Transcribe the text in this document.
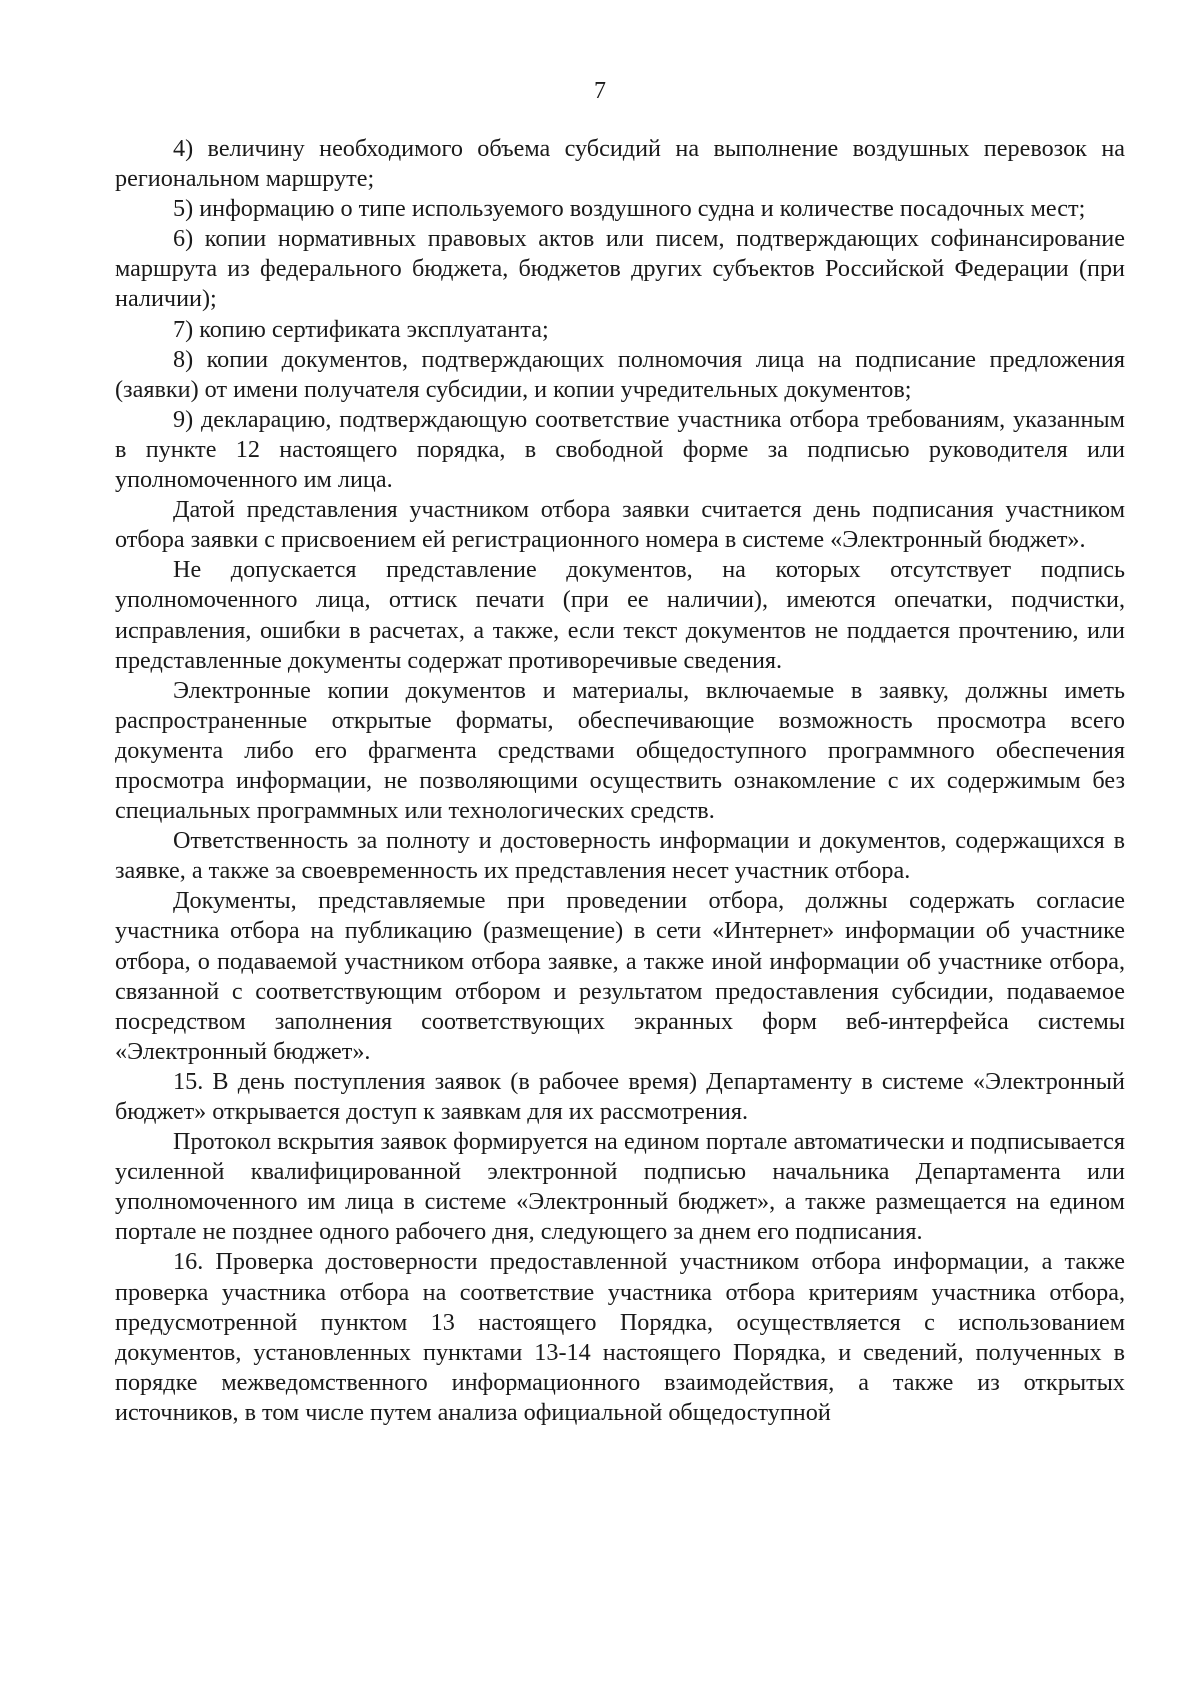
7

4) величину необходимого объема субсидий на выполнение воздушных перевозок на региональном маршруте;

5) информацию о типе используемого воздушного судна и количестве посадочных мест;

6) копии нормативных правовых актов или писем, подтверждающих софинансирование маршрута из федерального бюджета, бюджетов других субъектов Российской Федерации (при наличии);

7) копию сертификата эксплуатанта;

8) копии документов, подтверждающих полномочия лица на подписание предложения (заявки) от имени получателя субсидии, и копии учредительных документов;

9) декларацию, подтверждающую соответствие участника отбора требованиям, указанным в пункте 12 настоящего порядка, в свободной форме за подписью руководителя или уполномоченного им лица.

Датой представления участником отбора заявки считается день подписания участником отбора заявки с присвоением ей регистрационного номера в системе «Электронный бюджет».

Не допускается представление документов, на которых отсутствует подпись уполномоченного лица, оттиск печати (при ее наличии), имеются опечатки, подчистки, исправления, ошибки в расчетах, а также, если текст документов не поддается прочтению, или представленные документы содержат противоречивые сведения.

Электронные копии документов и материалы, включаемые в заявку, должны иметь распространенные открытые форматы, обеспечивающие возможность просмотра всего документа либо его фрагмента средствами общедоступного программного обеспечения просмотра информации, не позволяющими осуществить ознакомление с их содержимым без специальных программных или технологических средств.

Ответственность за полноту и достоверность информации и документов, содержащихся в заявке, а также за своевременность их представления несет участник отбора.

Документы, представляемые при проведении отбора, должны содержать согласие участника отбора на публикацию (размещение) в сети «Интернет» информации об участнике отбора, о подаваемой участником отбора заявке, а также иной информации об участнике отбора, связанной с соответствующим отбором и результатом предоставления субсидии, подаваемое посредством заполнения соответствующих экранных форм веб-интерфейса системы «Электронный бюджет».

15. В день поступления заявок (в рабочее время) Департаменту в системе «Электронный бюджет» открывается доступ к заявкам для их рассмотрения.

Протокол вскрытия заявок формируется на едином портале автоматически и подписывается усиленной квалифицированной электронной подписью начальника Департамента или уполномоченного им лица в системе «Электронный бюджет», а также размещается на едином портале не позднее одного рабочего дня, следующего за днем его подписания.

16. Проверка достоверности предоставленной участником отбора информации, а также проверка участника отбора на соответствие участника отбора критериям участника отбора, предусмотренной пунктом 13 настоящего Порядка, осуществляется с использованием документов, установленных пунктами 13-14 настоящего Порядка, и сведений, полученных в порядке межведомственного информационного взаимодействия, а также из открытых источников, в том числе путем анализа официальной общедоступной
